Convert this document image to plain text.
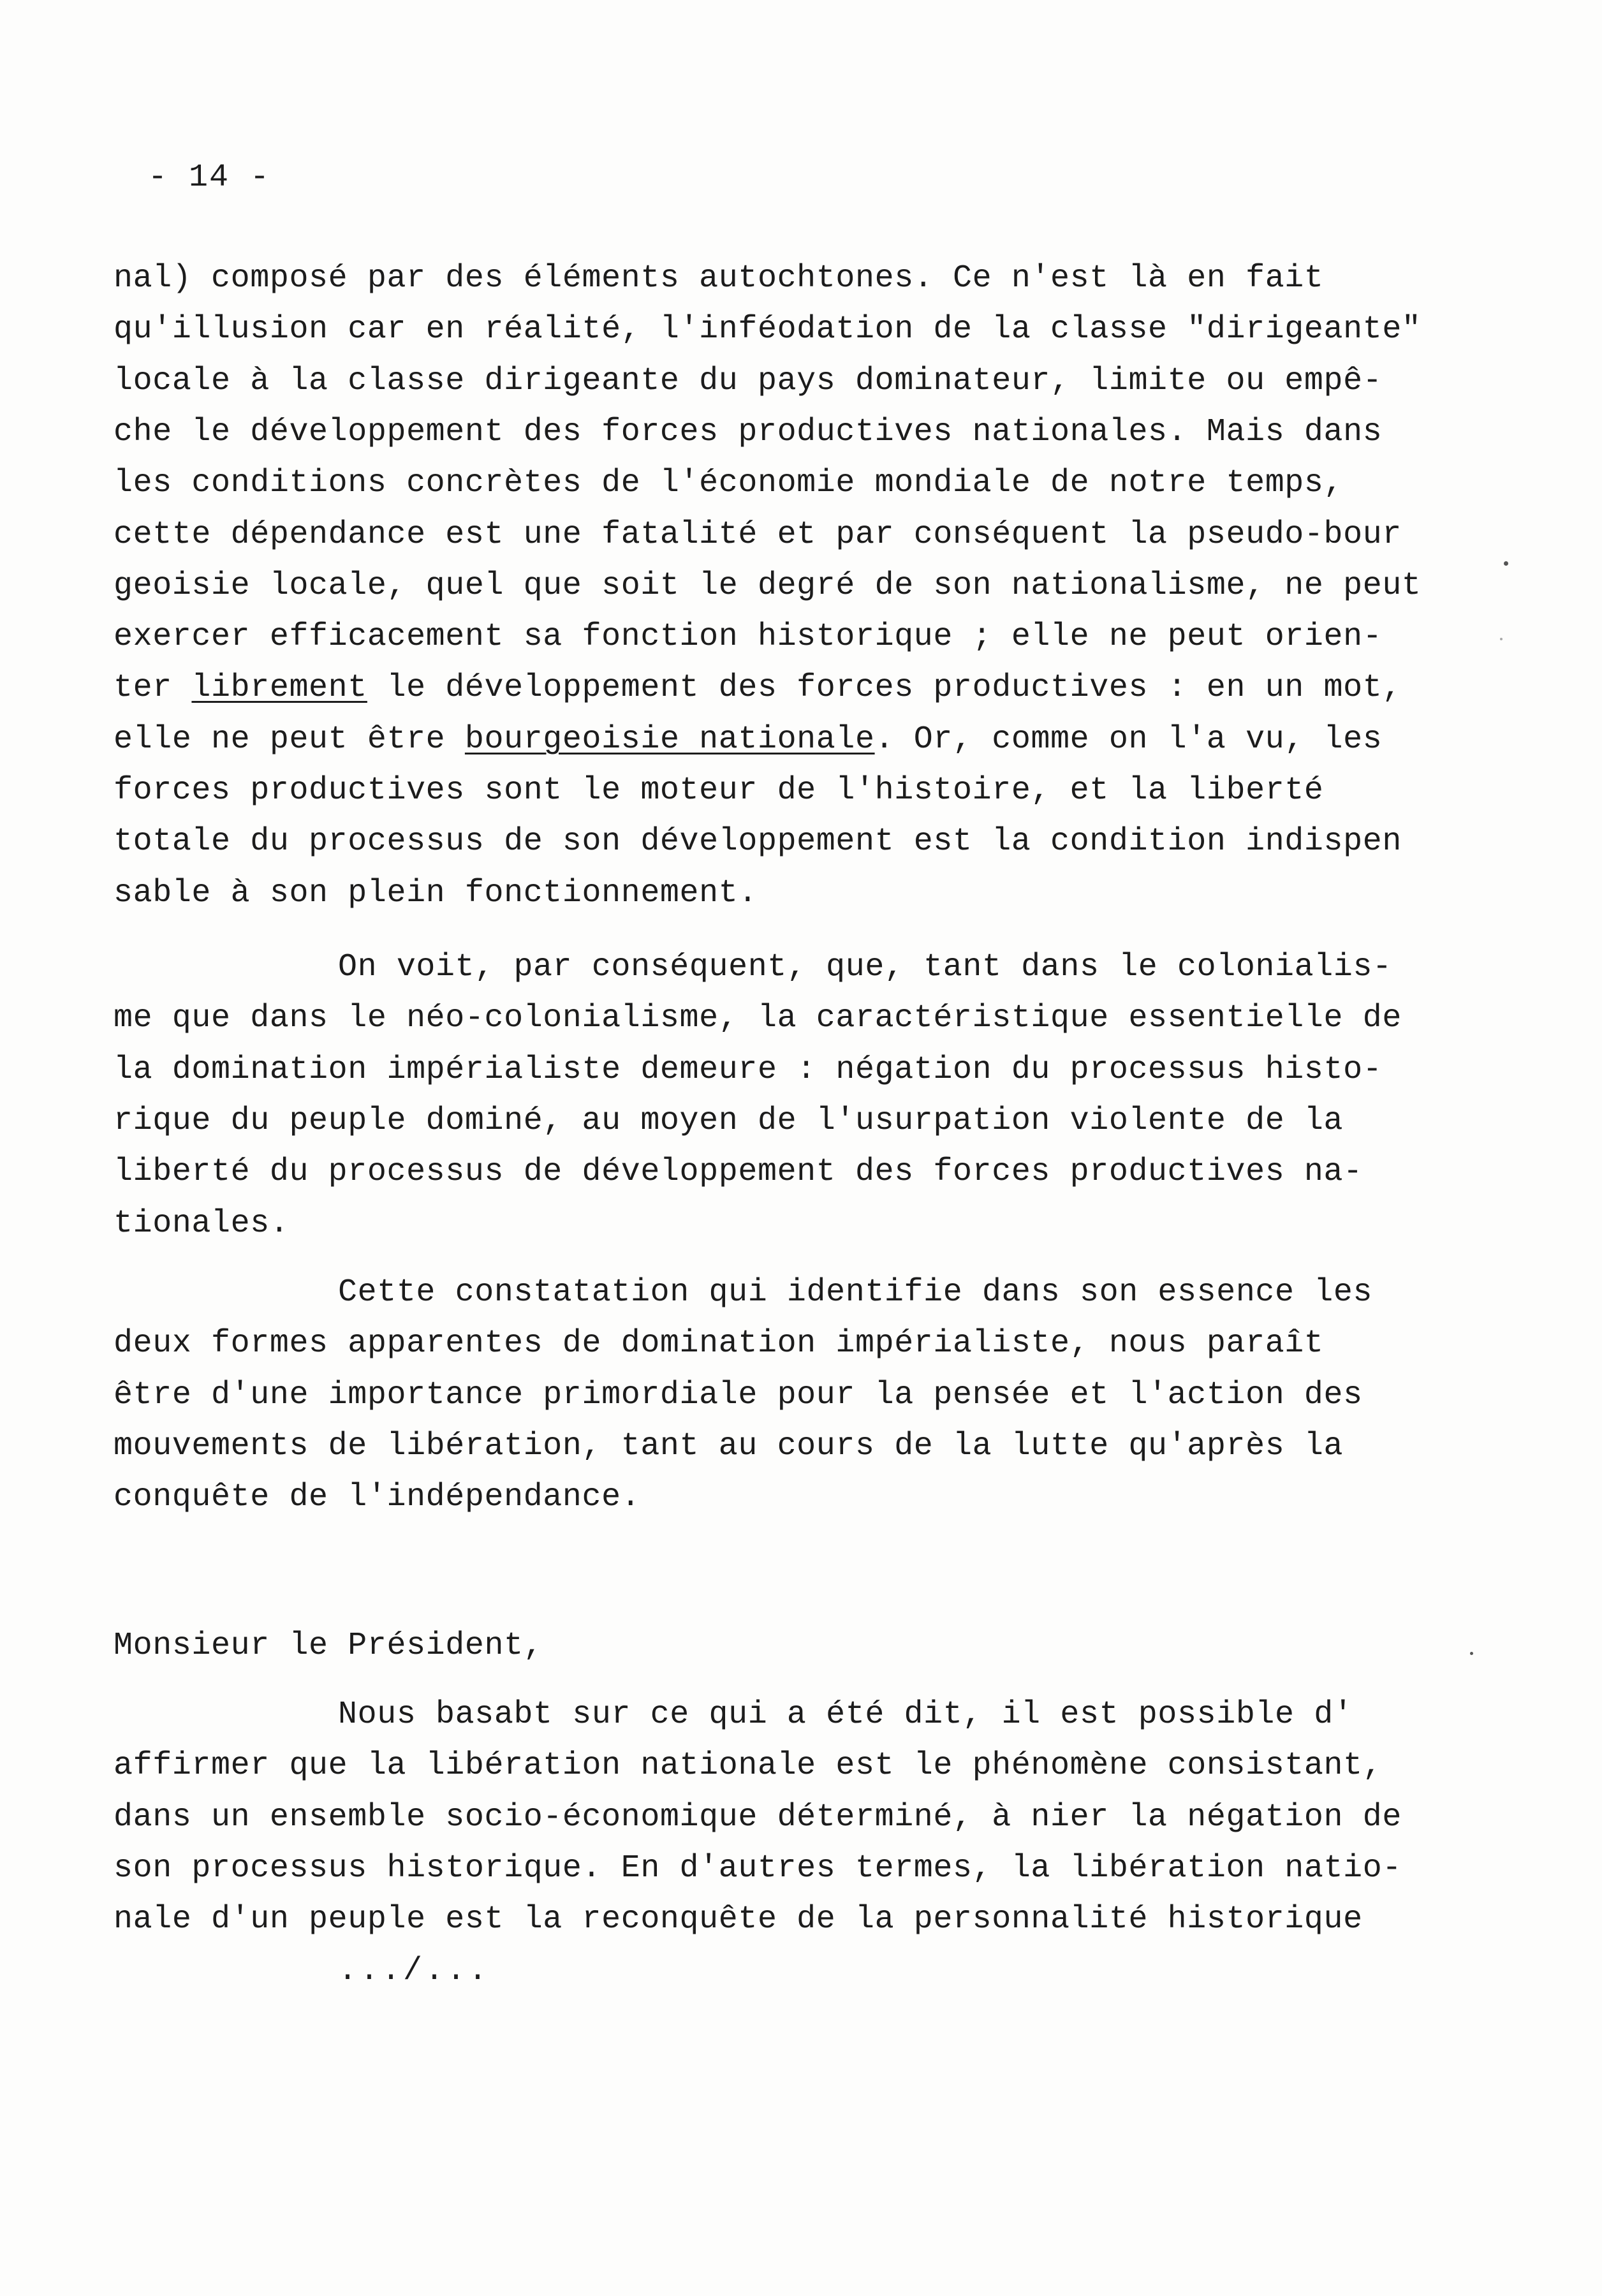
- 14 -
nal) composé par des éléments autochtones. Ce n'est là en fait
qu'illusion car en réalité, l'inféodation de la classe "dirigeante"
locale à la classe dirigeante du pays dominateur, limite ou empê-
che le développement des forces productives nationales. Mais dans
les conditions concrètes de l'économie mondiale de notre temps,
cette dépendance est une fatalité et par conséquent la pseudo-bour
geoisie locale, quel que soit le degré de son nationalisme, ne peut
exercer efficacement sa fonction historique ; elle ne peut orien-
ter librement le développement des forces productives : en un mot,
elle ne peut être bourgeoisie nationale. Or, comme on l'a vu, les
forces productives sont le moteur de l'histoire, et la liberté
totale du processus de son développement est la condition indispen
sable à son plein fonctionnement.
On voit, par conséquent, que, tant dans le colonialis-
me que dans le néo-colonialisme, la caractéristique essentielle de
la domination impérialiste demeure : négation du processus histo-
rique du peuple dominé, au moyen de l'usurpation violente de la
liberté du processus de développement des forces productives na-
tionales.
Cette constatation qui identifie dans son essence les
deux formes apparentes de domination impérialiste, nous paraît
être d'une importance primordiale pour la pensée et l'action des
mouvements de libération, tant au cours de la lutte qu'après la
conquête de l'indépendance.
Monsieur le Président,
Nous basabt sur ce qui a été dit, il est possible d'
affirmer que la libération nationale est le phénomène consistant,
dans un ensemble socio-économique déterminé, à nier la négation de
son processus historique. En d'autres termes, la libération natio-
nale d'un peuple est la reconquête de la personnalité historique
.../...
